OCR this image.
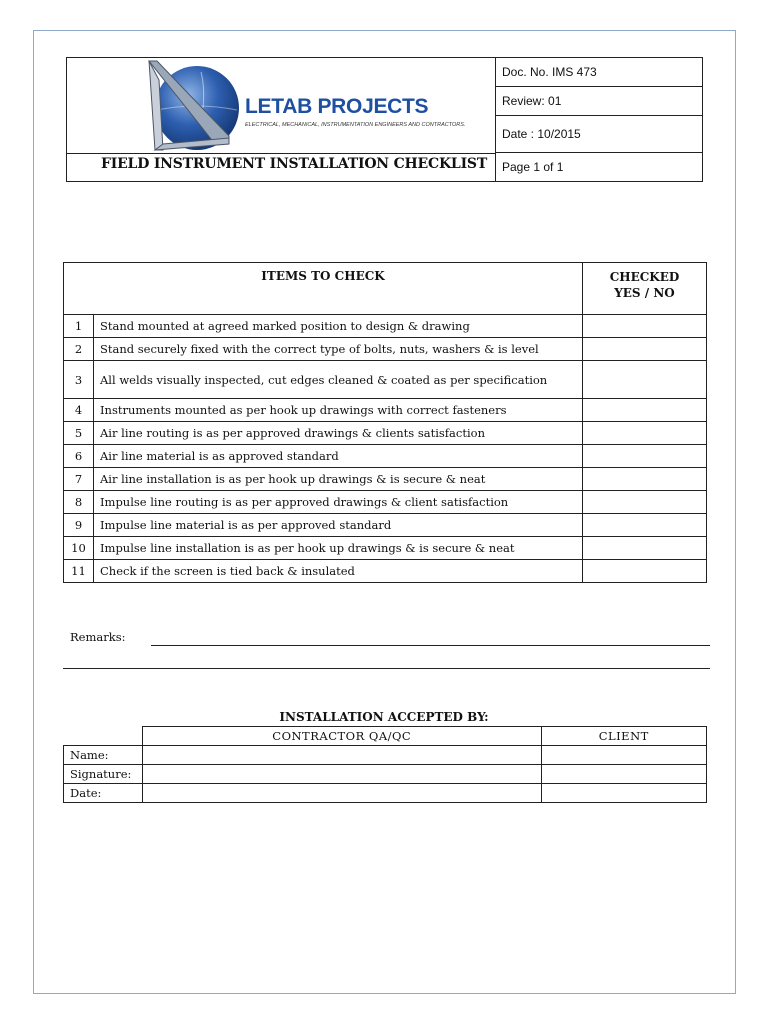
LETAB PROJECTS
ELECTRICAL, MECHANICAL, INSTRUMENTATION ENGINEERS AND CONTRACTORS.
FIELD INSTRUMENT INSTALLATION CHECKLIST
Doc. No. IMS 473
Review: 01
Date : 10/2015
Page 1 of 1
ITEMS TO CHECK		CHECKED
YES / NO
1	Stand mounted at agreed marked position to design & drawing	
2	Stand securely fixed with the correct type of bolts, nuts, washers & is level	
3	All welds visually inspected, cut edges cleaned & coated as per specification	
4	Instruments mounted as per hook up drawings with correct fasteners	
5	Air line routing is as per approved drawings & clients satisfaction	
6	Air line material is as approved standard	
7	Air line installation is as per hook up drawings & is secure & neat	
8	Impulse line routing is as per approved drawings & client satisfaction	
9	Impulse line material is as per approved standard	
10	Impulse line installation is as per hook up drawings & is secure & neat	
11	Check if the screen is tied back & insulated	
Remarks:
INSTALLATION ACCEPTED BY:
	CONTRACTOR QA/QC	CLIENT
Name:		
Signature:		
Date:		
